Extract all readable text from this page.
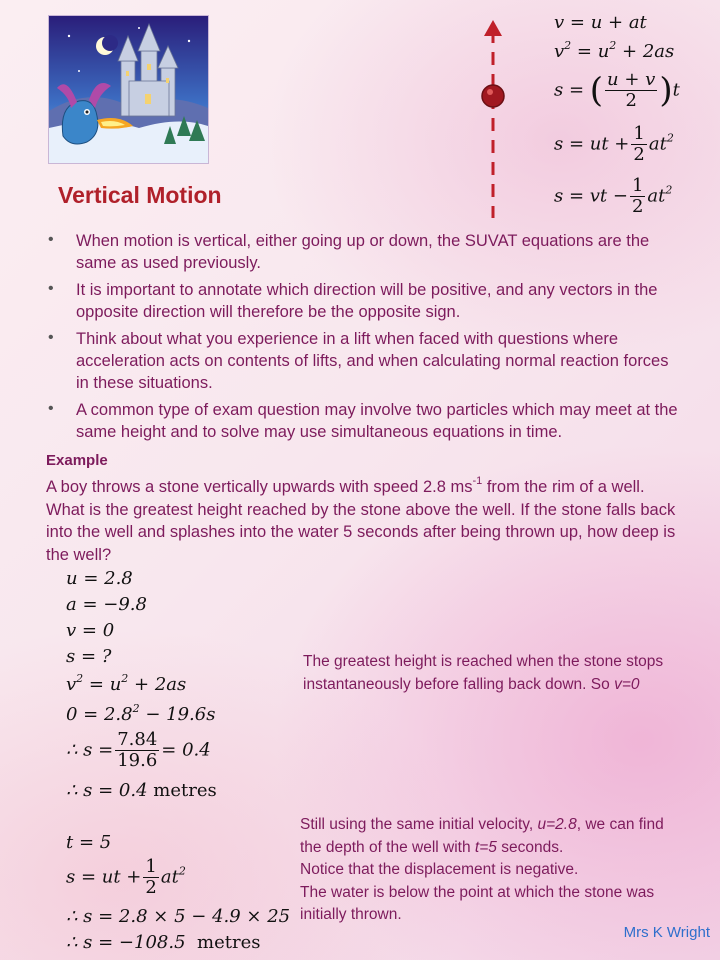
v = u + at
$v^2 = u^2 + 2as$
s = ( $\frac{u + v}{2} )t$
s = ut + $\frac{1}{2} at^2$
s = vt − $\frac{1}{2} at^2$
Vertical Motion
• When motion is vertical, either going up or down, the SUVAT equations are the same as used previously.
• It is important to annotate which direction will be positive, and any vectors in the opposite direction will therefore be the opposite sign.
• Think about what you experience in a lift when faced with questions where acceleration acts on contents of lifts, and when calculating normal reaction forces in these situations.
• A common type of exam question may involve two particles which may meet at the same height and to solve may use simultaneous equations in time.
Example
A boy throws a stone vertically upwards with speed 2.8 $ms^{-1}$ from the rim of a well. What is the greatest height reached by the stone above the well. If the stone falls back into the well and splashes into the water 5 seconds after being thrown up, how deep is the well?
u = 2.8
a = −9.8
v = 0
s = ?
$v^2 = u^2 + 2as$
$0 = 2.8^2 - 19.6s$
∴ $s = \frac{7.84}{19.6} = 0.4$
∴ s = 0.4 metres
The greatest height is reached when the stone stops instantaneously before falling back down. So v=0
t = 5
s = ut + $\frac{1}{2} at^2$
∴ s = 2.8 × 5 − 4.9 × 25
∴ s = −108.5  metres
Still using the same initial velocity, u=2.8, we can find the depth of the well with t=5 seconds.
Notice that the displacement is negative.
The water is below the point at which the stone was initially thrown.
Mrs K Wright
